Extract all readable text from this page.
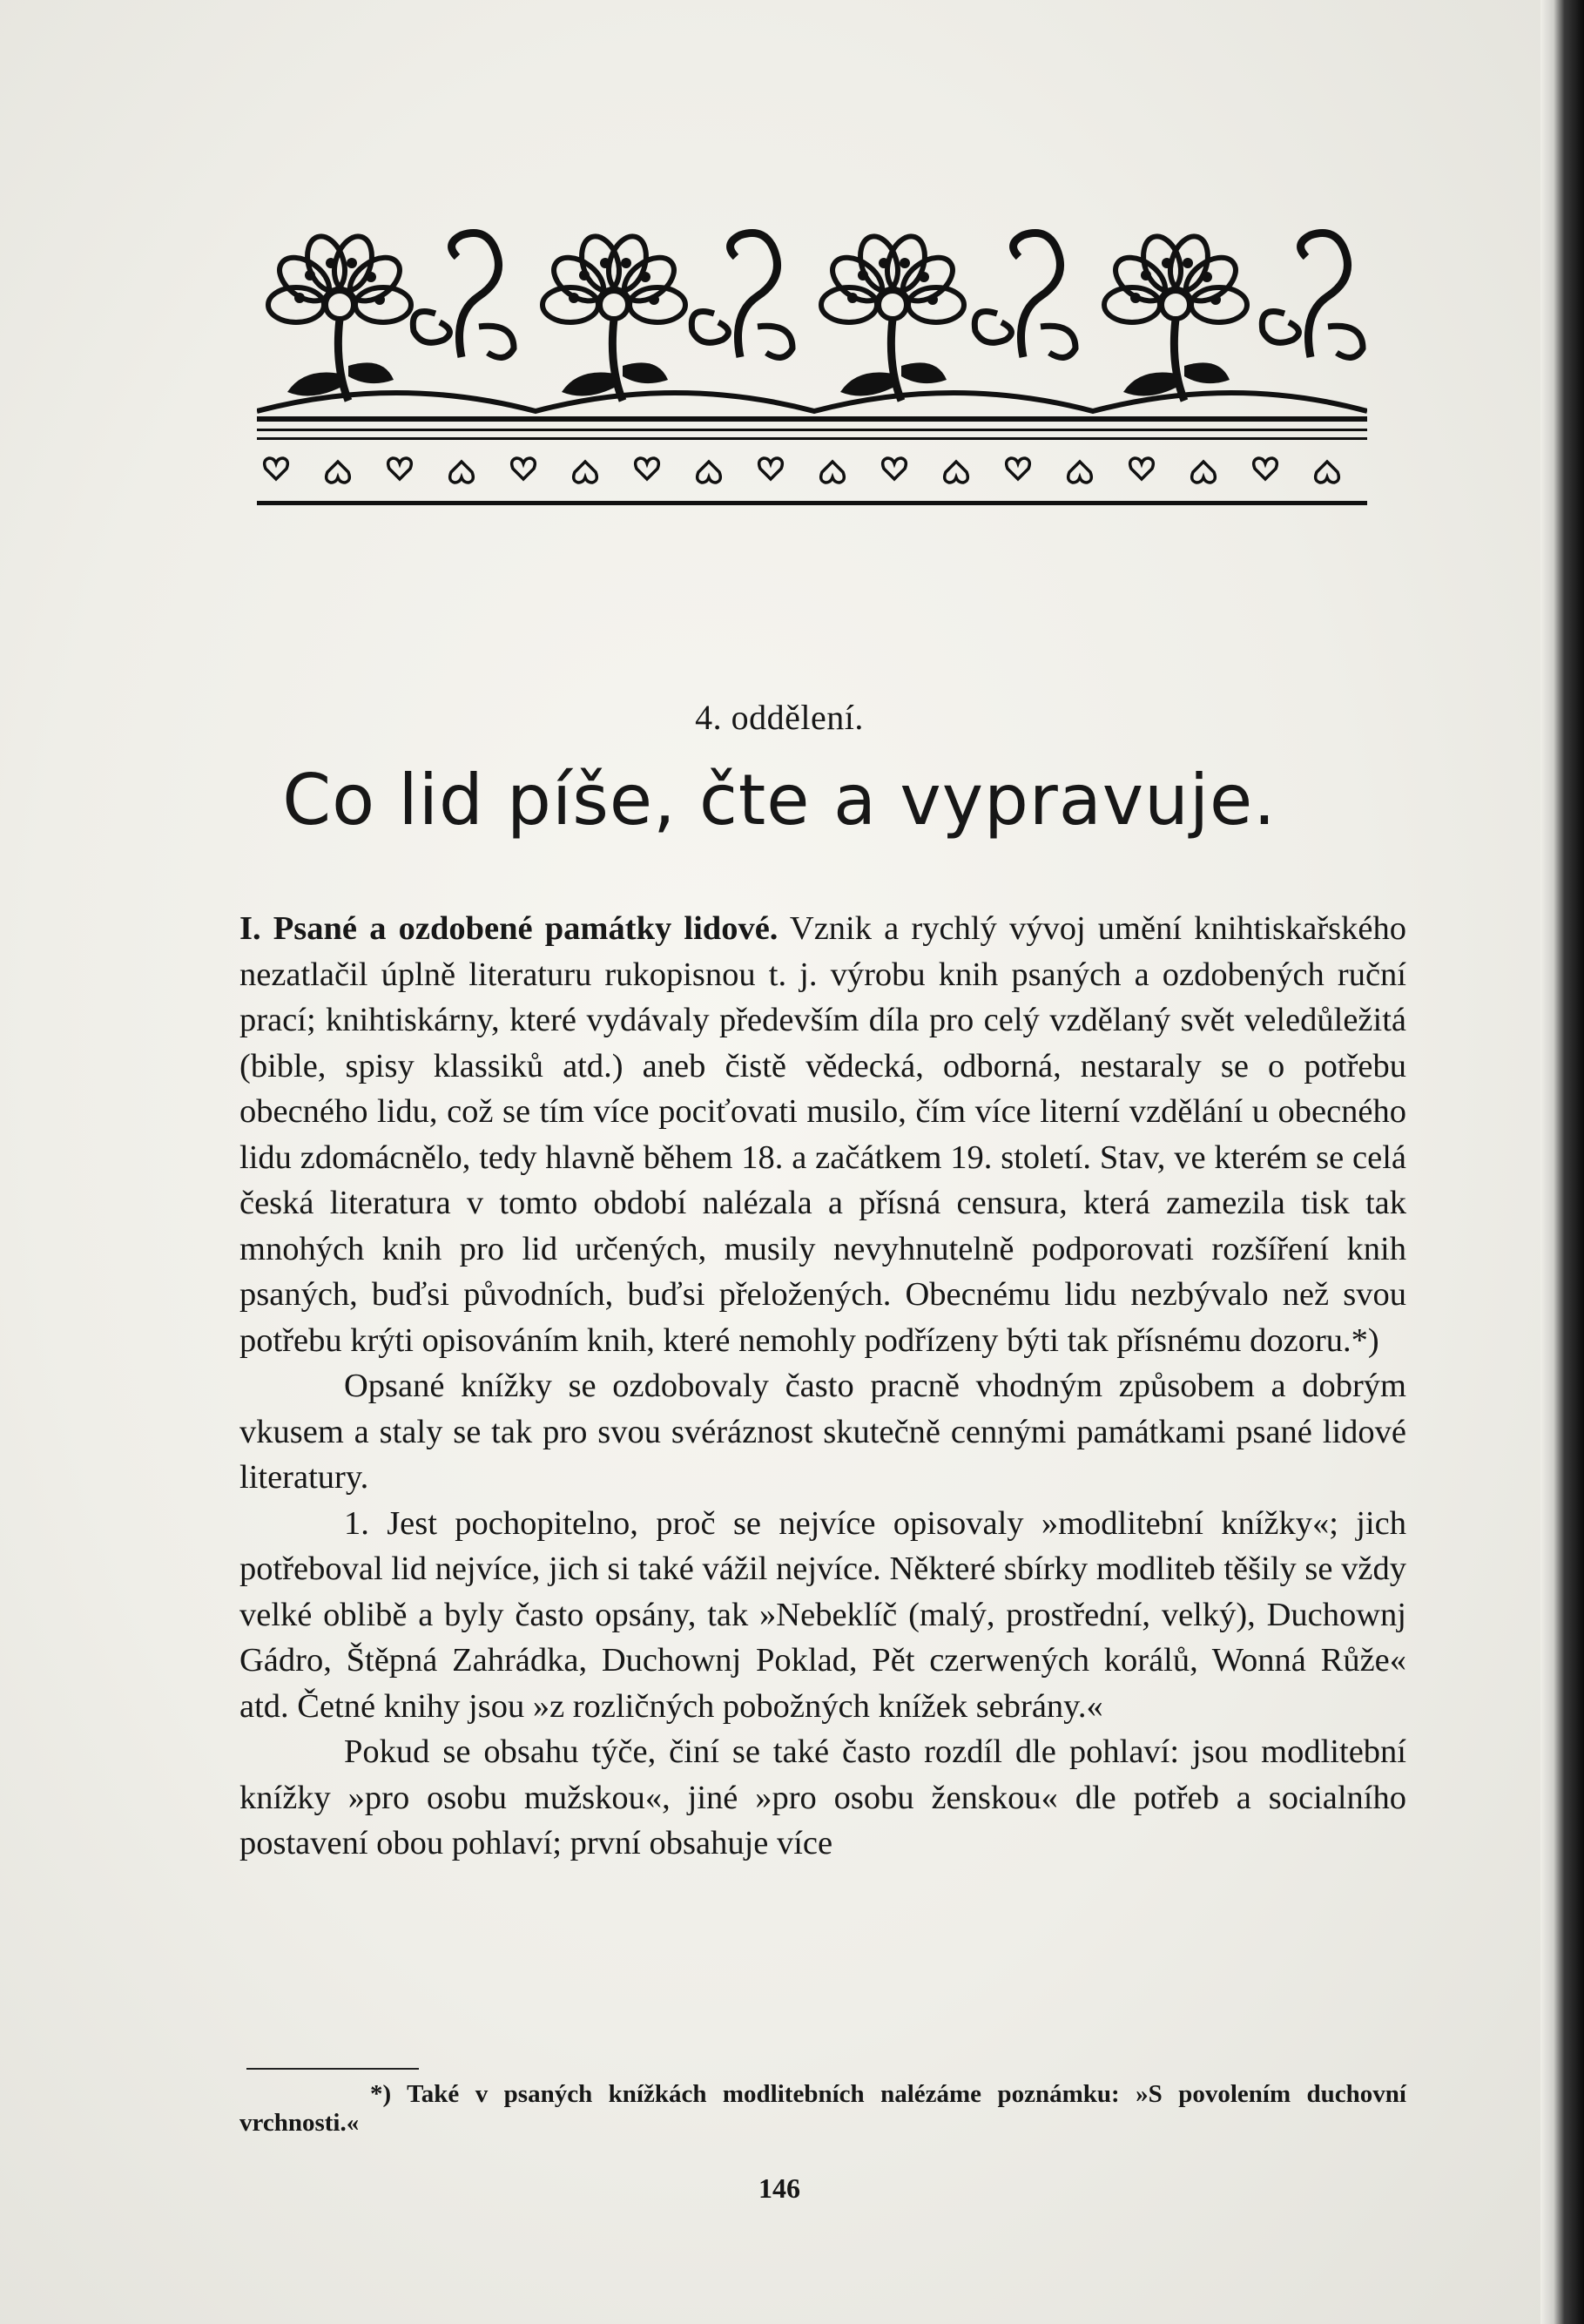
4. oddělení.
Co lid píše, čte a vypravuje.

I. Psané a ozdobené památky lidové. Vznik a rychlý vývoj umění knihtiskařského nezatlačil úplně literaturu rukopisnou t. j. výrobu knih psaných a ozdobených ruční prací; knihtiskárny, které vydávaly především díla pro celý vzdělaný svět veledůležitá (bible, spisy klassiků atd.) aneb čistě vědecká, odborná, nestaraly se o potřebu obecného lidu, což se tím více pociťovati musilo, čím více literní vzdělání u obecného lidu zdomácnělo, tedy hlavně během 18. a začátkem 19. století. Stav, ve kterém se celá česká literatura v tomto období nalézala a přísná censura, která zamezila tisk tak mnohých knih pro lid určených, musily nevyhnutelně podporovati rozšíření knih psaných, buďsi původních, buďsi přeložených. Obecnému lidu nezbývalo než svou potřebu krýti opisováním knih, které nemohly podřízeny býti tak přísnému dozoru.*)

Opsané knížky se ozdobovaly často pracně vhodným způsobem a dobrým vkusem a staly se tak pro svou svéráznost skutečně cennými památkami psané lidové literatury.

1. Jest pochopitelno, proč se nejvíce opisovaly »modlitební knížky«; jich potřeboval lid nejvíce, jich si také vážil nejvíce. Některé sbírky modliteb těšily se vždy velké oblibě a byly často opsány, tak »Nebeklíč (malý, prostřední, velký), Duchownj Gádro, Štěpná Zahrádka, Duchownj Poklad, Pět czerwených korálů, Wonná Růže« atd. Četné knihy jsou »z rozličných pobožných knížek sebrány.«

Pokud se obsahu týče, činí se také často rozdíl dle pohlaví: jsou modlitební knížky »pro osobu mužskou«, jiné »pro osobu ženskou« dle potřeb a socialního postavení obou pohlaví; první obsahuje více

*) Také v psaných knížkách modlitebních nalézáme poznámku: »S povolením duchovní vrchnosti.«
146
